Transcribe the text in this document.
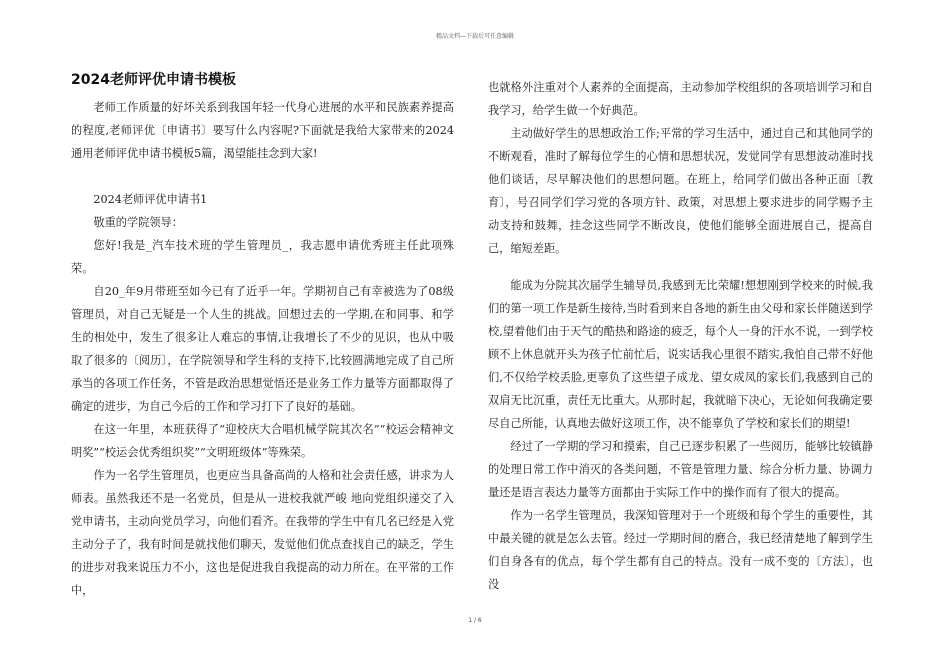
精品文档—下载后可任意编辑
2024老师评优申请书模板

老师工作质量的好坏关系到我国年轻一代身心进展的水平和民族素养提高的程度,老师评优〔申请书〕要写什么内容呢?下面就是我给大家带来的2024通用老师评优申请书模板5篇，渴望能挂念到大家!

2024老师评优申请书1

敬重的学院领导：

您好!我是_汽车技术班的学生管理员_，我志愿申请优秀班主任此项殊荣。

自20_年9月带班至如今已有了近乎一年。学期初自己有幸被选为了08级管理员，对自己无疑是一个人生的挑战。回想过去的一学期,在和同事、和学生的相处中，发生了很多让人难忘的事情,让我增长了不少的见识，也从中吸取了很多的〔阅历〕，在学院领导和学生科的支持下,比较圆满地完成了自己所承当的各项工作任务，不管是政治思想觉悟还是业务工作力量等方面都取得了确定的进步，为自己今后的工作和学习打下了良好的基础。

在这一年里，本班获得了“迎校庆大合唱机械学院其次名”“校运会精神文明奖”“校运会优秀组织奖”“文明班级体”等殊荣。

作为一名学生管理员，也更应当具备高尚的人格和社会责任感，讲求为人师表。虽然我还不是一名党员，但是从一进校我就严峻 地向党组织递交了入党申请书，主动向党员学习，向他们看齐。在我带的学生中有几名已经是入党主动分子了，我有时间是就找他们聊天，发觉他们优点查找自己的缺乏，学生的进步对我来说压力不小，这也是促进我自我提高的动力所在。在平常的工作中，

也就格外注重对个人素养的全面提高，主动参加学校组织的各项培训学习和自我学习，给学生做一个好典范。

主动做好学生的思想政治工作;平常的学习生活中，通过自己和其他同学的不断观看，准时了解每位学生的心情和思想状况，发觉同学有思想波动准时找他们谈话，尽早解决他们的思想问题。在班上，给同学们做出各种正面〔教育〕，号召同学们学习党的各项方针、政策，对思想上要求进步的同学赐予主动支持和鼓舞，挂念这些同学不断改良，使他们能够全面进展自己，提高自己，缩短差距。

能成为分院其次届学生辅导员,我感到无比荣耀!想想刚到学校来的时候,我们的第一项工作是新生接待,当时看到来自各地的新生由父母和家长伴随送到学校,望着他们由于天气的酷热和路途的疲乏，每个人一身的汗水不说，一到学校顾不上休息就开头为孩子忙前忙后，说实话我心里很不踏实,我怕自己带不好他们,不仅给学校丢脸,更辜负了这些望子成龙、望女成凤的家长们,我感到自己的双肩无比沉重，责任无比重大。从那时起，我就暗下决心，无论如何我确定要尽自己所能，认真地去做好这项工作，决不能辜负了学校和家长们的期望!

经过了一学期的学习和摸索，自己已逐步积累了一些阅历，能够比较镇静的处理日常工作中消灭的各类问题，不管是管理力量、综合分析力量、协调力量还是语言表达力量等方面都由于实际工作中的操作而有了很大的提高。

作为一名学生管理员，我深知管理对于一个班级和每个学生的重要性，其中最关键的就是怎么去管。经过一学期时间的磨合，我已经清楚地了解到学生们自身各有的优点，每个学生都有自己的特点。没有一成不变的〔方法〕，也没

1 / 6
